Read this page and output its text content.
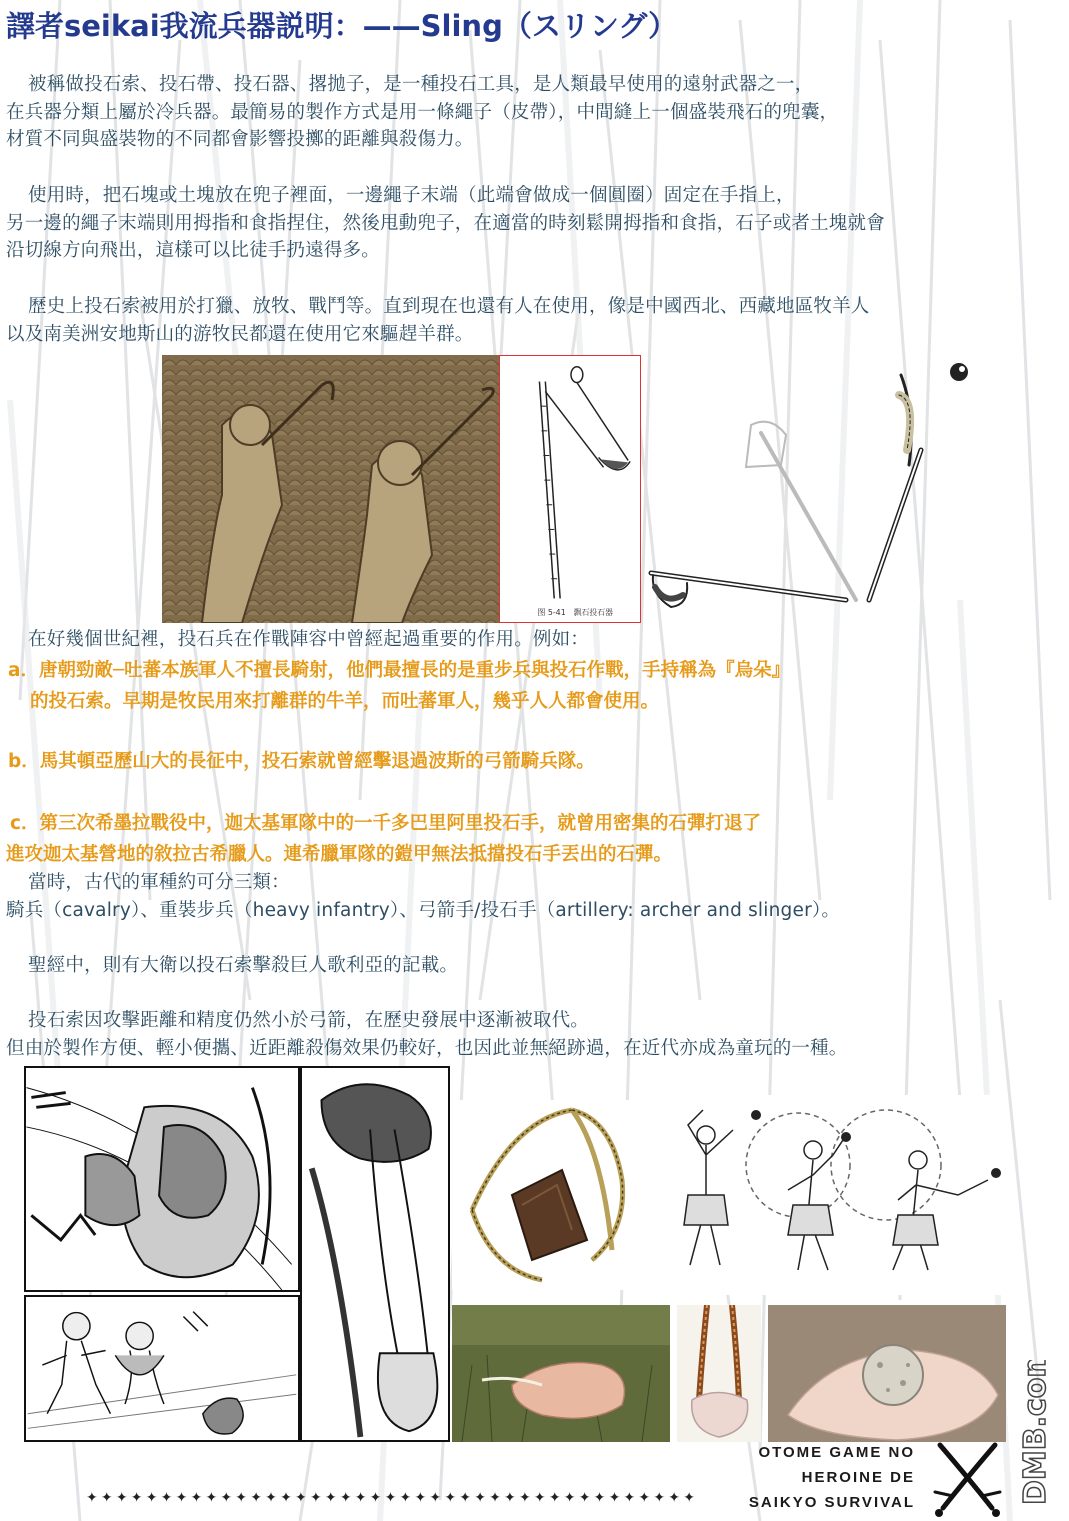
譯者seikai我流兵器説明：——Sling（スリング）
被稱做投石索、投石帶、投石器、撂拋子，是一種投石工具，是人類最早使用的遠射武器之一，
在兵器分類上屬於冷兵器。最簡易的製作方式是用一條繩子（皮帶），中間縫上一個盛裝飛石的兜囊，
材質不同與盛裝物的不同都會影響投擲的距離與殺傷力。
使用時，把石塊或土塊放在兜子裡面，一邊繩子末端（此端會做成一個圓圈）固定在手指上，
另一邊的繩子末端則用拇指和食指捏住，然後甩動兜子，在適當的時刻鬆開拇指和食指，石子或者土塊就會
沿切線方向飛出，這樣可以比徒手扔遠得多。
歷史上投石索被用於打獵、放牧、戰鬥等。直到現在也還有人在使用，像是中國西北、西藏地區牧羊人
以及南美洲安地斯山的游牧民都還在使用它來驅趕羊群。
图 5-41　飘石投石器
在好幾個世紀裡，投石兵在作戰陣容中曾經起過重要的作用。例如：
a．唐朝勁敵─吐蕃本族軍人不擅長騎射，他們最擅長的是重步兵與投石作戰，手持稱為『烏朵』
的投石索。早期是牧民用來打離群的牛羊，而吐蕃軍人，幾乎人人都會使用。
b．馬其頓亞歷山大的長征中，投石索就曾經擊退過波斯的弓箭騎兵隊。
c．第三次希墨拉戰役中，迦太基軍隊中的一千多巴里阿里投石手，就曾用密集的石彈打退了
進攻迦太基營地的敘拉古希臘人。連希臘軍隊的鎧甲無法抵擋投石手丟出的石彈。
當時，古代的軍種約可分三類：
騎兵（cavalry）、重裝步兵（heavy infantry）、弓箭手/投石手（artillery: archer and slinger）。
聖經中，則有大衛以投石索擊殺巨人歌利亞的記載。
投石索因攻擊距離和精度仍然小於弓箭，在歷史發展中逐漸被取代。
但由於製作方便、輕小便攜、近距離殺傷效果仍較好，也因此並無絕跡過，在近代亦成為童玩的一種。
OTOME GAME NO
HEROINE DE
SAIKYO SURVIVAL
✦✦✦✦✦✦✦✦✦✦✦✦✦✦✦✦✦✦✦✦✦✦✦✦✦✦✦✦✦✦✦✦✦✦✦✦✦✦✦✦✦	DMB.com
